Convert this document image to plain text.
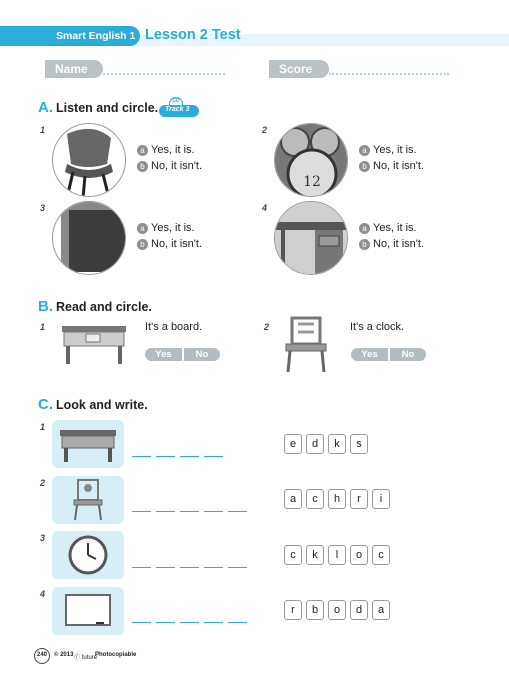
Smart English 1 Lesson 2 Test
Name	Score
A. Listen and circle.	CD
Track 3
1
a Yes, it is.
b No, it isn't.
2
12
a Yes, it is.
b No, it isn't.
3
a Yes, it is.
b No, it isn't.
4
a Yes, it is.
b No, it isn't.
B. Read and circle.
1	It's a board.
Yes	No
2	It's a clock.
Yes	No
C. Look and write.
1
e	d	k	s
2
a	c	h	r	i
3
c	k	l	o	c
4
r	b	o	d	a
240	© 2013 ⓕ future
Photocopiable
